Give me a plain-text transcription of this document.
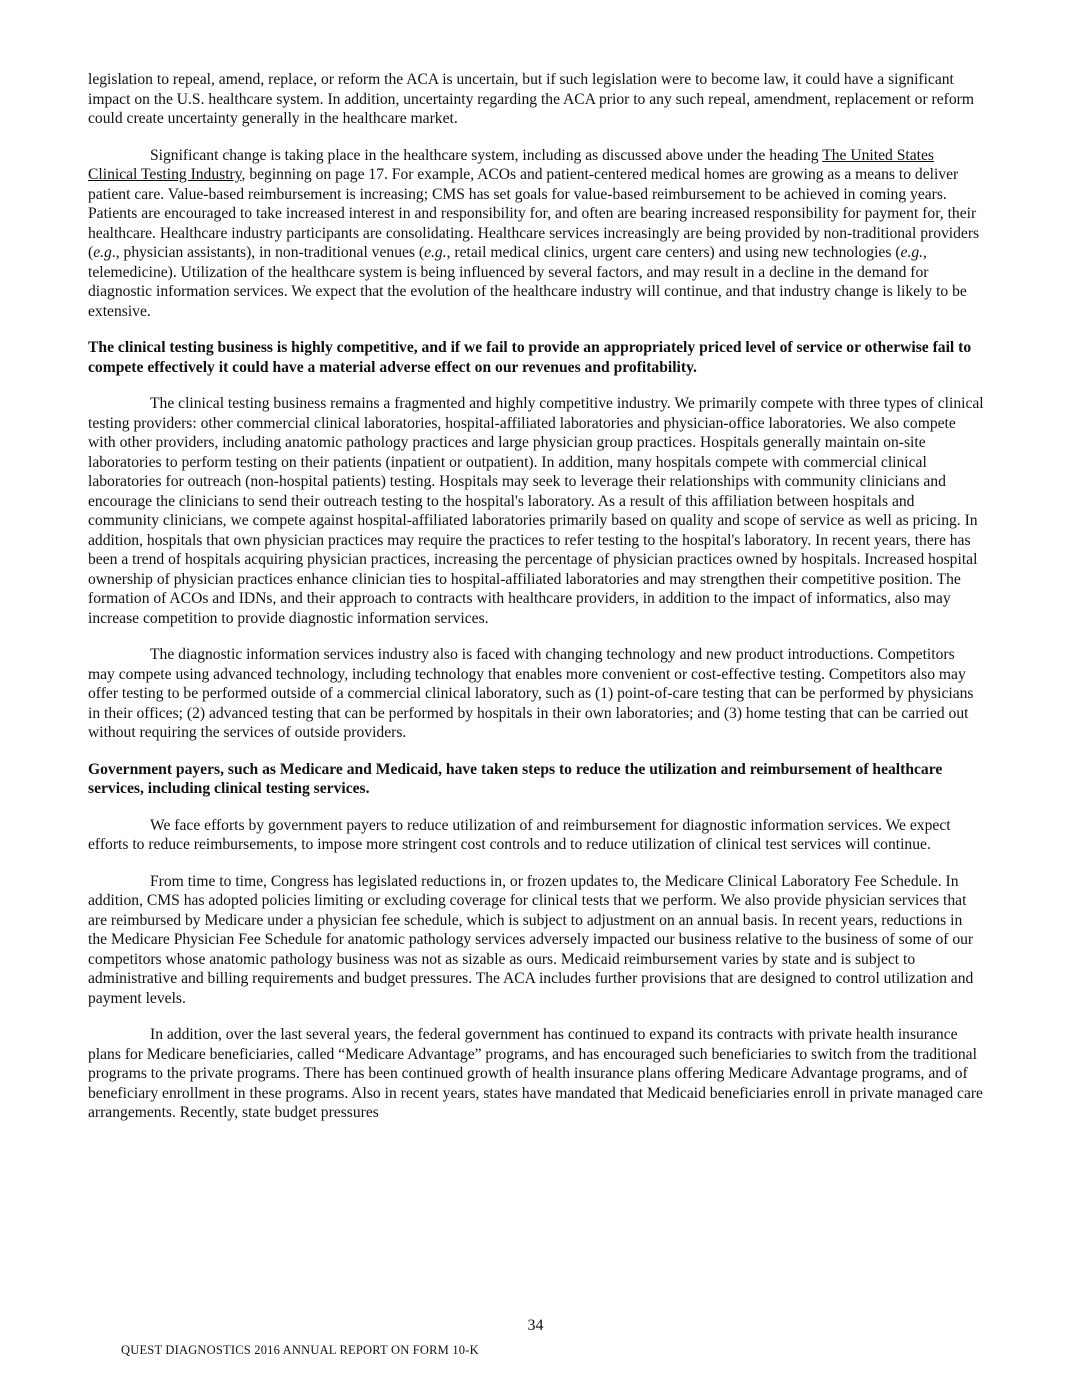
legislation to repeal, amend, replace, or reform the ACA is uncertain, but if such legislation were to become law, it could have a significant impact on the U.S. healthcare system. In addition, uncertainty regarding the ACA prior to any such repeal, amendment, replacement or reform could create uncertainty generally in the healthcare market.

Significant change is taking place in the healthcare system, including as discussed above under the heading The United States Clinical Testing Industry, beginning on page 17. For example, ACOs and patient-centered medical homes are growing as a means to deliver patient care. Value-based reimbursement is increasing; CMS has set goals for value-based reimbursement to be achieved in coming years. Patients are encouraged to take increased interest in and responsibility for, and often are bearing increased responsibility for payment for, their healthcare. Healthcare industry participants are consolidating. Healthcare services increasingly are being provided by non-traditional providers (e.g., physician assistants), in non-traditional venues (e.g., retail medical clinics, urgent care centers) and using new technologies (e.g., telemedicine). Utilization of the healthcare system is being influenced by several factors, and may result in a decline in the demand for diagnostic information services. We expect that the evolution of the healthcare industry will continue, and that industry change is likely to be extensive.

The clinical testing business is highly competitive, and if we fail to provide an appropriately priced level of service or otherwise fail to compete effectively it could have a material adverse effect on our revenues and profitability.

The clinical testing business remains a fragmented and highly competitive industry. We primarily compete with three types of clinical testing providers: other commercial clinical laboratories, hospital-affiliated laboratories and physician-office laboratories. We also compete with other providers, including anatomic pathology practices and large physician group practices. Hospitals generally maintain on-site laboratories to perform testing on their patients (inpatient or outpatient). In addition, many hospitals compete with commercial clinical laboratories for outreach (non-hospital patients) testing. Hospitals may seek to leverage their relationships with community clinicians and encourage the clinicians to send their outreach testing to the hospital's laboratory. As a result of this affiliation between hospitals and community clinicians, we compete against hospital-affiliated laboratories primarily based on quality and scope of service as well as pricing. In addition, hospitals that own physician practices may require the practices to refer testing to the hospital's laboratory. In recent years, there has been a trend of hospitals acquiring physician practices, increasing the percentage of physician practices owned by hospitals. Increased hospital ownership of physician practices enhance clinician ties to hospital-affiliated laboratories and may strengthen their competitive position. The formation of ACOs and IDNs, and their approach to contracts with healthcare providers, in addition to the impact of informatics, also may increase competition to provide diagnostic information services.

The diagnostic information services industry also is faced with changing technology and new product introductions. Competitors may compete using advanced technology, including technology that enables more convenient or cost-effective testing. Competitors also may offer testing to be performed outside of a commercial clinical laboratory, such as (1) point-of-care testing that can be performed by physicians in their offices; (2) advanced testing that can be performed by hospitals in their own laboratories; and (3) home testing that can be carried out without requiring the services of outside providers.

Government payers, such as Medicare and Medicaid, have taken steps to reduce the utilization and reimbursement of healthcare services, including clinical testing services.

We face efforts by government payers to reduce utilization of and reimbursement for diagnostic information services. We expect efforts to reduce reimbursements, to impose more stringent cost controls and to reduce utilization of clinical test services will continue.

From time to time, Congress has legislated reductions in, or frozen updates to, the Medicare Clinical Laboratory Fee Schedule. In addition, CMS has adopted policies limiting or excluding coverage for clinical tests that we perform. We also provide physician services that are reimbursed by Medicare under a physician fee schedule, which is subject to adjustment on an annual basis. In recent years, reductions in the Medicare Physician Fee Schedule for anatomic pathology services adversely impacted our business relative to the business of some of our competitors whose anatomic pathology business was not as sizable as ours. Medicaid reimbursement varies by state and is subject to administrative and billing requirements and budget pressures. The ACA includes further provisions that are designed to control utilization and payment levels.

In addition, over the last several years, the federal government has continued to expand its contracts with private health insurance plans for Medicare beneficiaries, called “Medicare Advantage” programs, and has encouraged such beneficiaries to switch from the traditional programs to the private programs. There has been continued growth of health insurance plans offering Medicare Advantage programs, and of beneficiary enrollment in these programs. Also in recent years, states have mandated that Medicaid beneficiaries enroll in private managed care arrangements. Recently, state budget pressures

34
QUEST DIAGNOSTICS 2016 ANNUAL REPORT ON FORM 10-K
